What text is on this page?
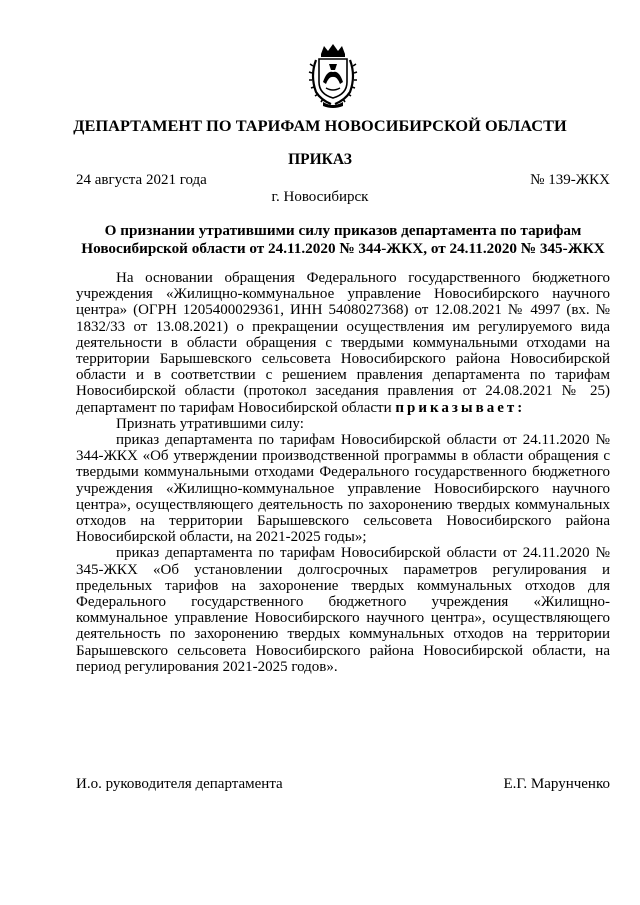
ДЕПАРТАМЕНТ ПО ТАРИФАМ НОВОСИБИРСКОЙ ОБЛАСТИ
ПРИКАЗ
24 августа 2021 года	№ 139-ЖКХ
г. Новосибирск
О признании утратившими силу приказов департамента по тарифам
Новосибирской области от 24.11.2020 № 344-ЖКХ, от 24.11.2020 № 345-ЖКХ

На основании обращения Федерального государственного бюджетного учреждения «Жилищно-коммунальное управление Новосибирского научного центра» (ОГРН 1205400029361, ИНН 5408027368) от 12.08.2021 № 4997 (вх. № 1832/33 от 13.08.2021) о прекращении осуществления им регулируемого вида деятельности в области обращения с твердыми коммунальными отходами на территории Барышевского сельсовета Новосибирского района Новосибирской области и в соответствии с решением правления департамента по тарифам Новосибирской области (протокол заседания правления от 24.08.2021 № 25) департамент по тарифам Новосибирской области приказывает:

Признать утратившими силу:

приказ департамента по тарифам Новосибирской области от 24.11.2020 № 344-ЖКХ «Об утверждении производственной программы в области обращения с твердыми коммунальными отходами Федерального государственного бюджетного учреждения «Жилищно-коммунальное управление Новосибирского научного центра», осуществляющего деятельность по захоронению твердых коммунальных отходов на территории Барышевского сельсовета Новосибирского района Новосибирской области, на 2021-2025 годы»;

приказ департамента по тарифам Новосибирской области от 24.11.2020 № 345-ЖКХ «Об установлении долгосрочных параметров регулирования и предельных тарифов на захоронение твердых коммунальных отходов для Федерального государственного бюджетного учреждения «Жилищно-коммунальное управление Новосибирского научного центра», осуществляющего деятельность по захоронению твердых коммунальных отходов на территории Барышевского сельсовета Новосибирского района Новосибирской области, на период регулирования 2021-2025 годов».

И.о. руководителя департамента	Е.Г. Марунченко
